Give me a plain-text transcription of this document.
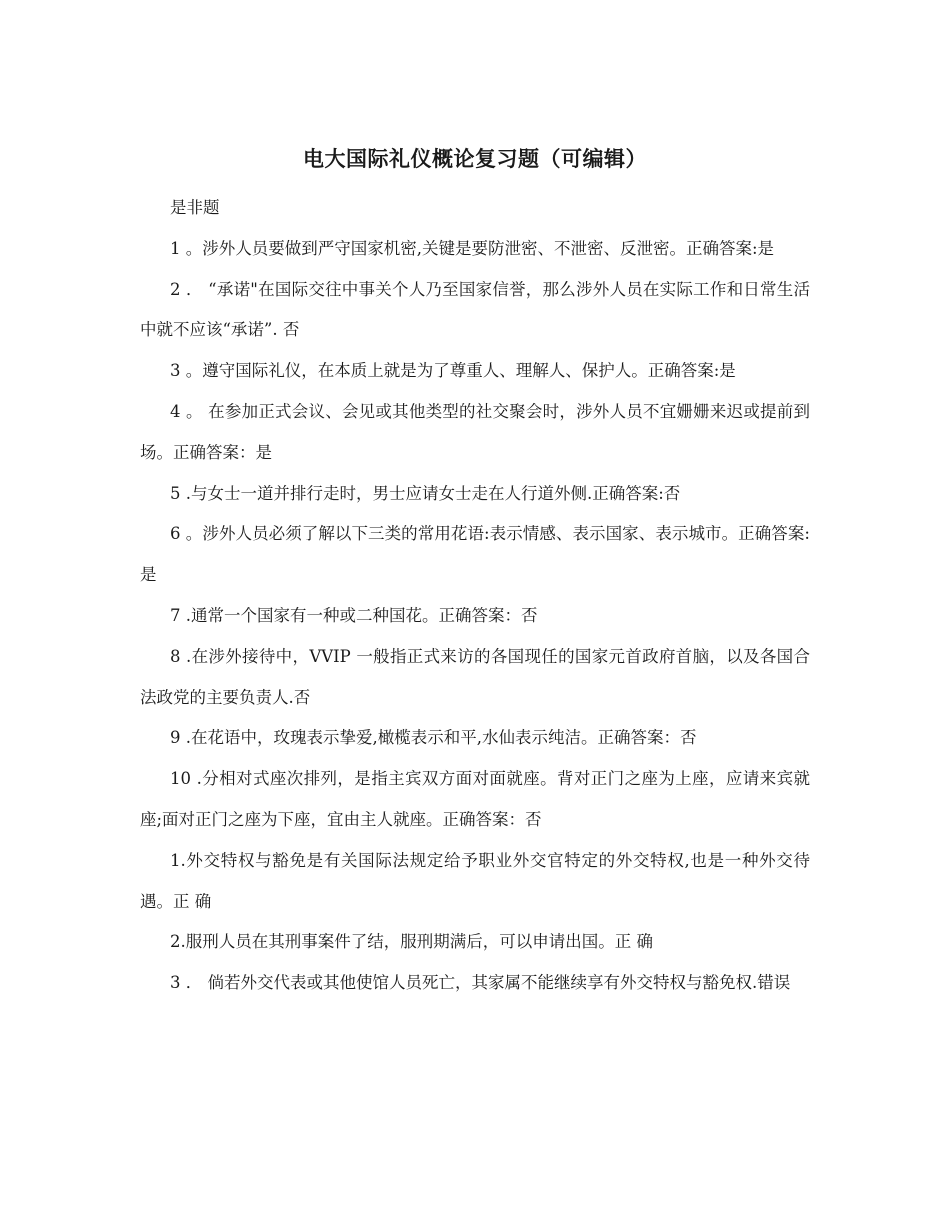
电大国际礼仪概论复习题（可编辑）

是非题

1 。涉外人员要做到严守国家机密,关键是要防泄密、不泄密、反泄密。正确答案:是

2 ． “承诺"在国际交往中事关个人乃至国家信誉，那么涉外人员在实际工作和日常生活中就不应该“承诺”. 否

3 。遵守国际礼仪，在本质上就是为了尊重人、理解人、保护人。正确答案:是

4 。 在参加正式会议、会见或其他类型的社交聚会时，涉外人员不宜姗姗来迟或提前到场。正确答案：是

5 .与女士一道并排行走时，男士应请女士走在人行道外侧.正确答案:否

6 。涉外人员必须了解以下三类的常用花语:表示情感、表示国家、表示城市。正确答案:是

7 .通常一个国家有一种或二种国花。正确答案：否

8 .在涉外接待中，VVIP 一般指正式来访的各国现任的国家元首政府首脑，以及各国合法政党的主要负责人.否

9 .在花语中，玫瑰表示挚爱,橄榄表示和平,水仙表示纯洁。正确答案：否

10 .分相对式座次排列，是指主宾双方面对面就座。背对正门之座为上座，应请来宾就座;面对正门之座为下座，宜由主人就座。正确答案：否

1.外交特权与豁免是有关国际法规定给予职业外交官特定的外交特权,也是一种外交待遇。正 确

2.服刑人员在其刑事案件了结，服刑期满后，可以申请出国。正 确

3 ． 倘若外交代表或其他使馆人员死亡，其家属不能继续享有外交特权与豁免权.错误
